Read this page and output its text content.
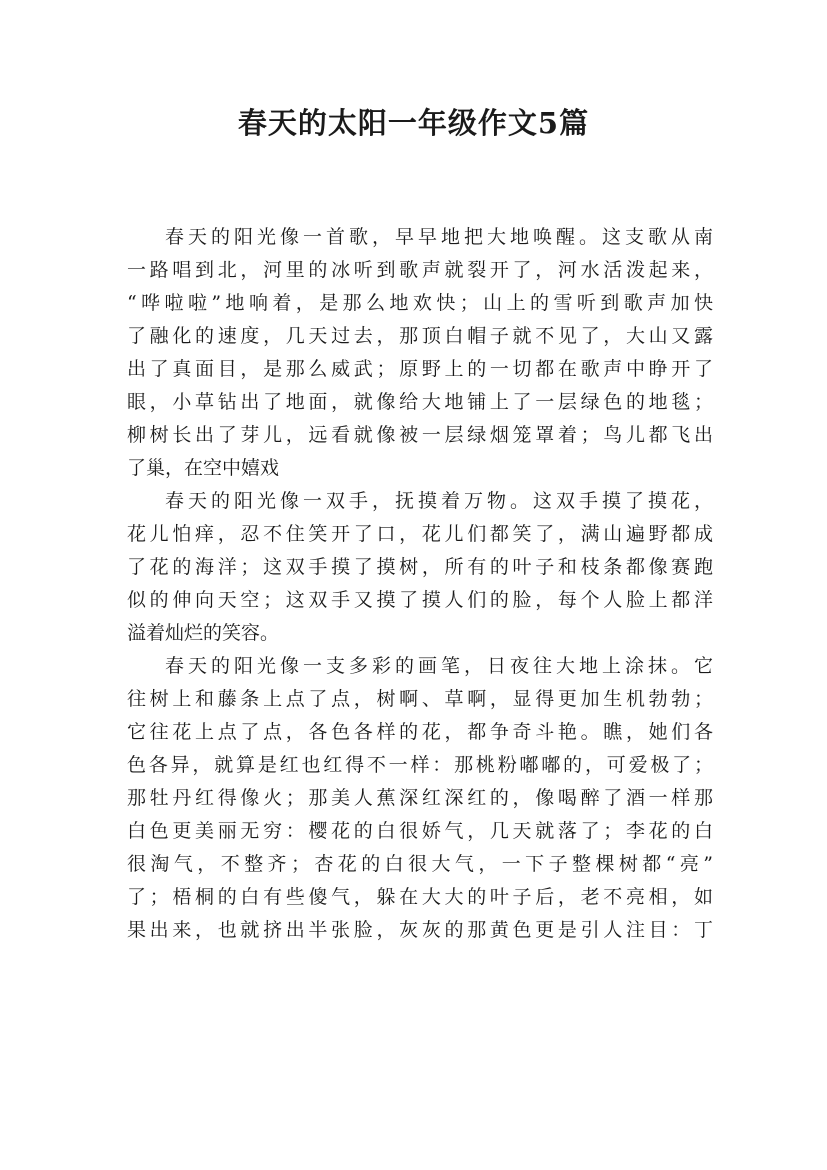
春天的太阳一年级作文5篇

春天的阳光像一首歌，早早地把大地唤醒。这支歌从南
一路唱到北，河里的冰听到歌声就裂开了，河水活泼起来，
“哗啦啦”地响着，是那么地欢快；山上的雪听到歌声加快
了融化的速度，几天过去，那顶白帽子就不见了，大山又露
出了真面目，是那么威武；原野上的一切都在歌声中睁开了
眼，小草钻出了地面，就像给大地铺上了一层绿色的地毯；
柳树长出了芽儿，远看就像被一层绿烟笼罩着；鸟儿都飞出
了巢，在空中嬉戏

春天的阳光像一双手，抚摸着万物。这双手摸了摸花，
花儿怕痒，忍不住笑开了口，花儿们都笑了，满山遍野都成
了花的海洋；这双手摸了摸树，所有的叶子和枝条都像赛跑
似的伸向天空；这双手又摸了摸人们的脸，每个人脸上都洋
溢着灿烂的笑容。

春天的阳光像一支多彩的画笔，日夜往大地上涂抹。它
往树上和藤条上点了点，树啊、草啊，显得更加生机勃勃；
它往花上点了点，各色各样的花，都争奇斗艳。瞧，她们各
色各异，就算是红也红得不一样：那桃粉嘟嘟的，可爱极了；
那牡丹红得像火；那美人蕉深红深红的，像喝醉了酒一样那
白色更美丽无穷：樱花的白很娇气，几天就落了；李花的白
很淘气，不整齐；杏花的白很大气，一下子整棵树都“亮”
了；梧桐的白有些傻气，躲在大大的叶子后，老不亮相，如
果出来，也就挤出半张脸，灰灰的那黄色更是引人注目：丁
